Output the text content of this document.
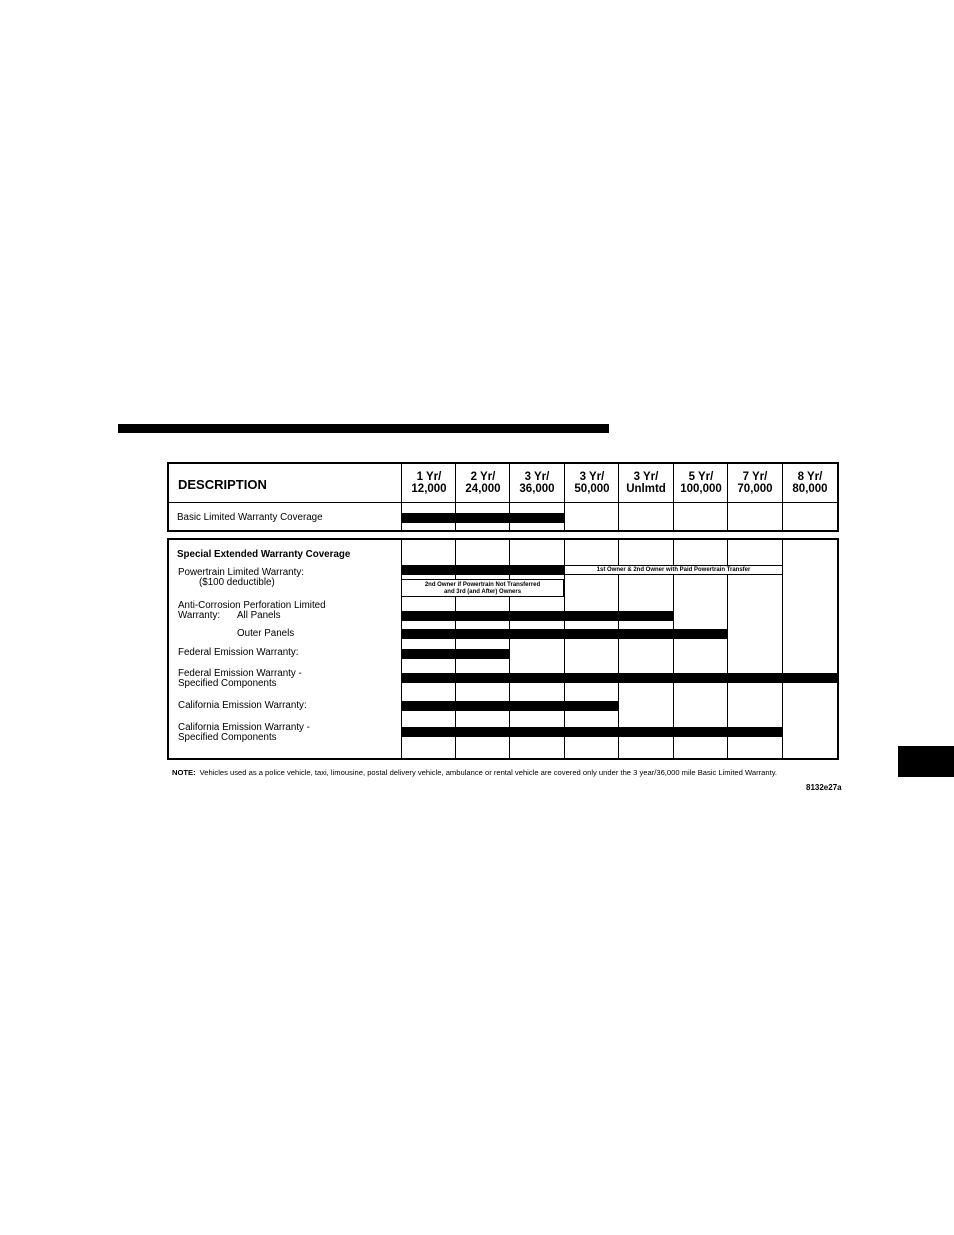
DESCRIPTION	1 Yr/
12,000
2 Yr/
24,000
3 Yr/
36,000
3 Yr/
50,000
3 Yr/
Unlmtd
5 Yr/
100,000
7 Yr/
70,000
8 Yr/
80,000
Basic Limited Warranty Coverage
Special Extended Warranty Coverage
Powertrain Limited Warranty:
($100 deductible)
Anti-Corrosion Perforation Limited
Warranty: All Panels
Outer Panels
Federal Emission Warranty:
Federal Emission Warranty -
Specified Components
California Emission Warranty:
California Emission Warranty -
Specified Components
1st Owner & 2nd Owner with Paid Powertrain Transfer
2nd Owner if Powertrain Not Transferred
and 3rd (and After) Owners
NOTE: Vehicles used as a police vehicle, taxi, limousine, postal delivery vehicle, ambulance or rental vehicle are covered only under the 3 year/36,000 mile Basic Limited Warranty.
8132e27a
